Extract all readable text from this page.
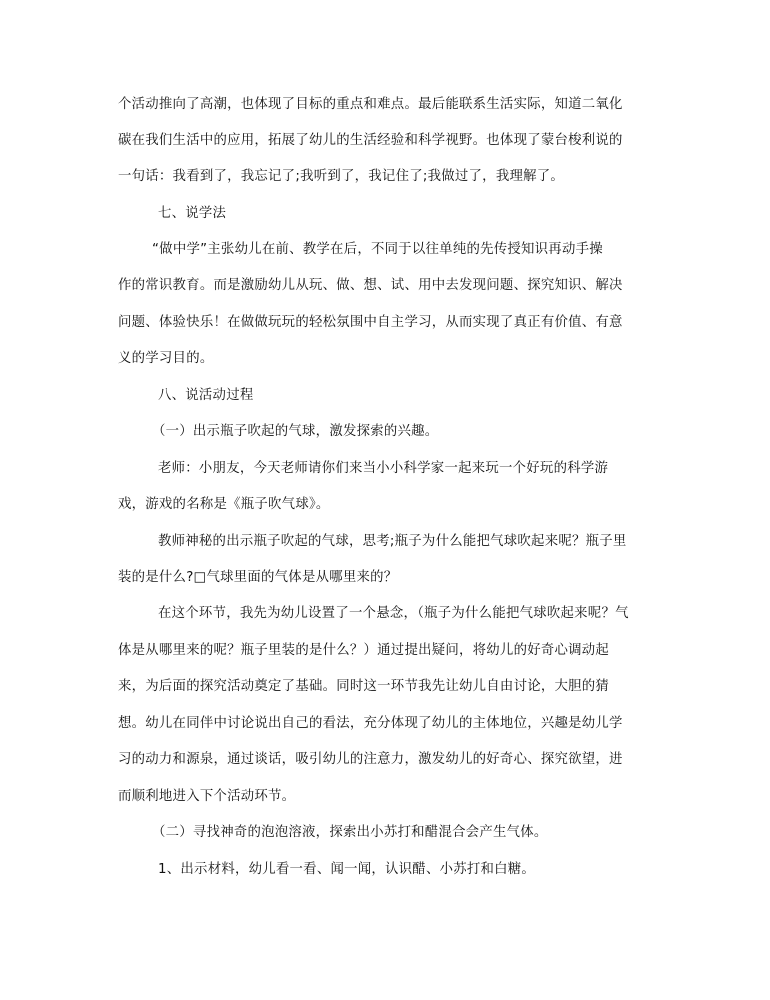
个活动推向了高潮，也体现了目标的重点和难点。最后能联系生活实际，知道二氧化
碳在我们生活中的应用，拓展了幼儿的生活经验和科学视野。也体现了蒙台梭利说的
一句话：我看到了，我忘记了;我听到了，我记住了;我做过了，我理解了。
七、说学法
“做中学”主张幼儿在前、教学在后，不同于以往单纯的先传授知识再动手操
作的常识教育。而是激励幼儿从玩、做、想、试、用中去发现问题、探究知识、解决
问题、体验快乐！在做做玩玩的轻松氛围中自主学习，从而实现了真正有价值、有意
义的学习目的。
八、说活动过程
（一）出示瓶子吹起的气球，激发探索的兴趣。
老师：小朋友，今天老师请你们来当小小科学家一起来玩一个好玩的科学游
戏，游戏的名称是《瓶子吹气球》。
教师神秘的出示瓶子吹起的气球，思考;瓶子为什么能把气球吹起来呢？瓶子里
装的是什么?□气球里面的气体是从哪里来的？
在这个环节，我先为幼儿设置了一个悬念，（瓶子为什么能把气球吹起来呢？气
体是从哪里来的呢？瓶子里装的是什么？）通过提出疑问，将幼儿的好奇心调动起
来，为后面的探究活动奠定了基础。同时这一环节我先让幼儿自由讨论，大胆的猜
想。幼儿在同伴中讨论说出自己的看法，充分体现了幼儿的主体地位，兴趣是幼儿学
习的动力和源泉，通过谈话，吸引幼儿的注意力，激发幼儿的好奇心、探究欲望，进
而顺利地进入下个活动环节。
（二）寻找神奇的泡泡溶液，探索出小苏打和醋混合会产生气体。
1、出示材料，幼儿看一看、闻一闻，认识醋、小苏打和白糖。
